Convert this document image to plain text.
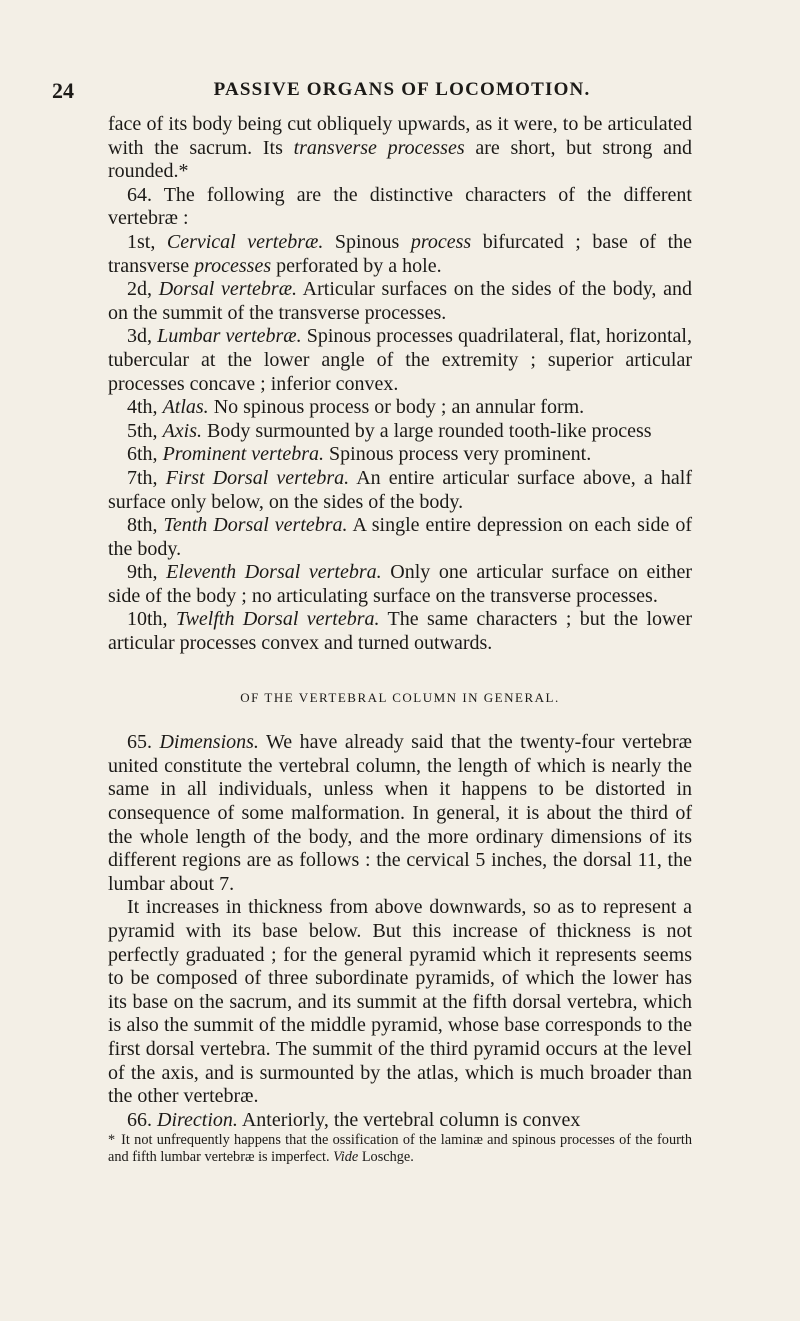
24	PASSIVE ORGANS OF LOCOMOTION.

face of its body being cut obliquely upwards, as it were, to be articulated with the sacrum. Its transverse processes are short, but strong and rounded.*

64. The following are the distinctive characters of the different vertebræ :

1st, Cervical vertebræ. Spinous process bifurcated ; base of the transverse processes perforated by a hole.

2d, Dorsal vertebræ. Articular surfaces on the sides of the body, and on the summit of the transverse processes.

3d, Lumbar vertebræ. Spinous processes quadrilateral, flat, horizontal, tubercular at the lower angle of the extremity ; superior articular processes concave ; inferior convex.

4th, Atlas. No spinous process or body ; an annular form.

5th, Axis. Body surmounted by a large rounded tooth-like process

6th, Prominent vertebra. Spinous process very prominent.

7th, First Dorsal vertebra. An entire articular surface above, a half surface only below, on the sides of the body.

8th, Tenth Dorsal vertebra. A single entire depression on each side of the body.

9th, Eleventh Dorsal vertebra. Only one articular surface on either side of the body ; no articulating surface on the transverse processes.

10th, Twelfth Dorsal vertebra. The same characters ; but the lower articular processes convex and turned outwards.

OF THE VERTEBRAL COLUMN IN GENERAL.

65. Dimensions. We have already said that the twenty-four vertebræ united constitute the vertebral column, the length of which is nearly the same in all individuals, unless when it happens to be distorted in consequence of some malformation. In general, it is about the third of the whole length of the body, and the more ordinary dimensions of its different regions are as follows : the cervical 5 inches, the dorsal 11, the lumbar about 7.

It increases in thickness from above downwards, so as to represent a pyramid with its base below. But this increase of thickness is not perfectly graduated ; for the general pyramid which it represents seems to be composed of three subordinate pyramids, of which the lower has its base on the sacrum, and its summit at the fifth dorsal vertebra, which is also the summit of the middle pyramid, whose base corresponds to the first dorsal vertebra. The summit of the third pyramid occurs at the level of the axis, and is surmounted by the atlas, which is much broader than the other vertebræ.

66. Direction. Anteriorly, the vertebral column is convex

* It not unfrequently happens that the ossification of the laminæ and spinous processes of the fourth and fifth lumbar vertebræ is imperfect. Vide Loschge.
